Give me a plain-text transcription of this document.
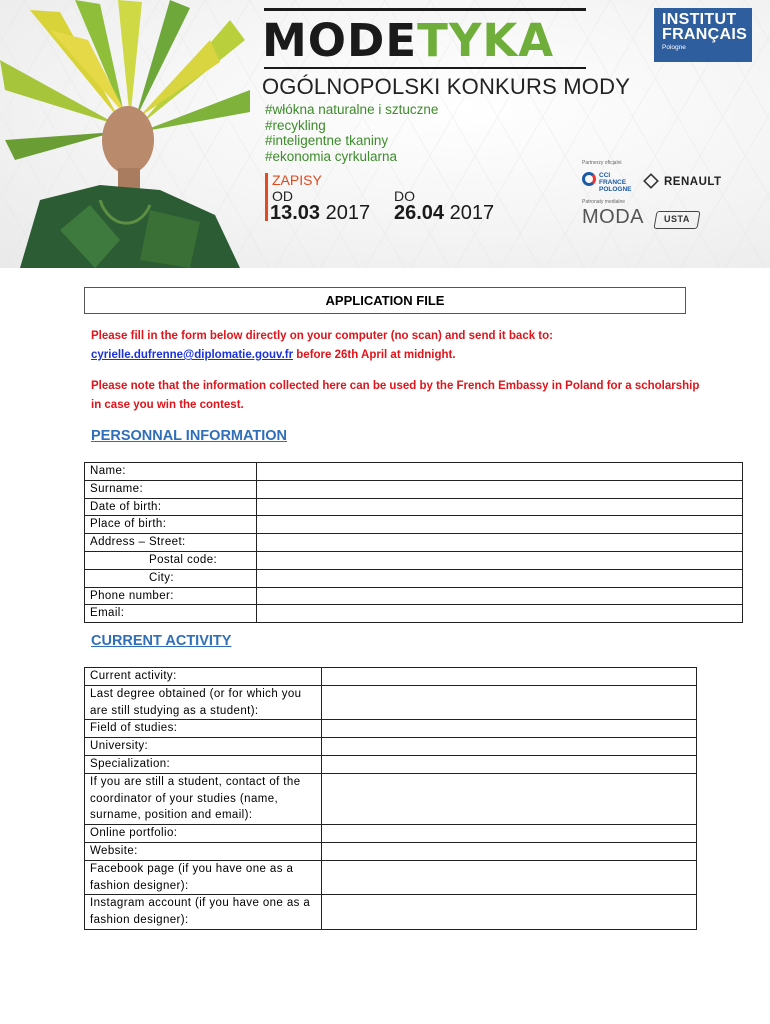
MODETYKA
OGÓLNOPOLSKI KONKURS MODY
#włókna naturalne i sztuczne
#recykling
#inteligentne tkaniny
#ekonomia cyrkularna
ZAPISY
OD	DO
13.03 2017 26.04 2017
INSTITUT
FRANÇAIS
Pologne
Partnerzy oficjalni
CCI FRANCE POLOGNE
RENAULT
Patronaty medialne
MODA USTA
APPLICATION FILE
Please fill in the form below directly on your computer (no scan) and send it back to:
cyrielle.dufrenne@diplomatie.gouv.fr before 26th April at midnight.
Please note that the information collected here can be used by the French Embassy in Poland for a scholarship in case you win the contest.
PERSONNAL INFORMATION
Name:	
Surname:	
Date of birth:	
Place of birth:	
Address – Street:	
Postal code:	
City:	
Phone number:	
Email:	
CURRENT ACTIVITY
Current activity:	
Last degree obtained (or for which you are still studying as a student):	
Field of studies:	
University:	
Specialization:	
If you are still a student, contact of the coordinator of your studies (name, surname, position and email):	
Online portfolio:	
Website:	
Facebook page (if you have one as a fashion designer):	
Instagram account (if you have one as a fashion designer):	
